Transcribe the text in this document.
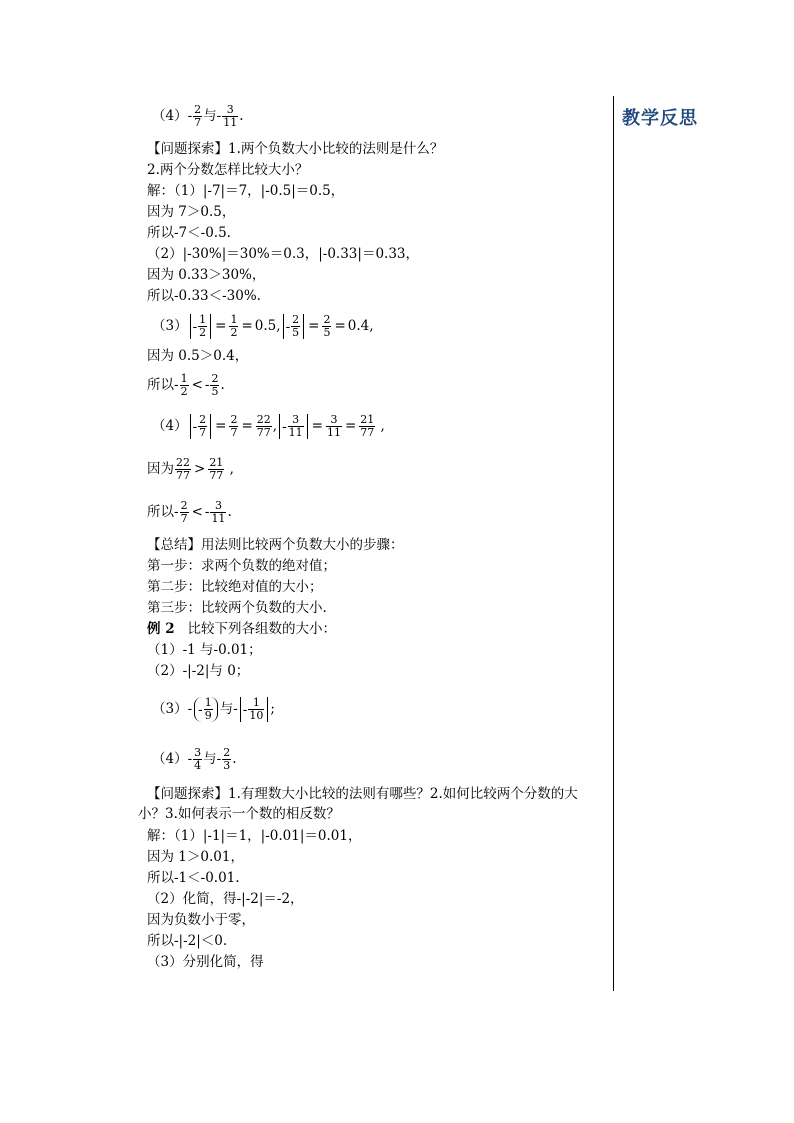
教学反思
$(4)- \frac{2}{7}$ 与- $\frac{3}{11}$ .
【问题探索】1.两个负数大小比较的法则是什么？
2.两个分数怎样比较大小？
解：（1）|-7|＝7，|-0.5|＝0.5，
因为 7＞0.5，
所以-7＜-0.5.
（2）|-30%|＝30%＝0.3，|-0.33|＝0.33，
因为 0.33＞30%，
所以-0.33＜-30%.
$(3) - \frac{1}{2} = \frac{1}{2} = 0.5$, - $\frac{2}{5} = \frac{2}{5} = 0.4$,
因为 0.5＞0.4，
所以- $\frac{1}{2}$ < - $\frac{2}{5}$ .
$(4) - \frac{2}{7} = \frac{2}{7} = \frac{22}{77}$ , - $\frac{3}{11} = \frac{3}{11} = \frac{21}{77}$ ,
因为 $\frac{22}{77} > \frac{21}{77}$ ,
所以- $\frac{2}{7}$ < - $\frac{3}{11}$ .
【总结】用法则比较两个负数大小的步骤：
第一步：求两个负数的绝对值；
第二步：比较绝对值的大小；
第三步：比较两个负数的大小.
例 2 比较下列各组数的大小：
（1）-1 与-0.01；
（2）-|-2|与 0；
$(3)- - \frac{1}{9}$ 与- - $\frac{1}{10}$ ;
$(4)- \frac{3}{4}$ 与- $\frac{2}{3}$ .
【问题探索】1.有理数大小比较的法则有哪些？2.如何比较两个分数的大小？3.如何表示一个数的相反数？
解：（1）|-1|＝1，|-0.01|＝0.01，
因为 1＞0.01，
所以-1＜-0.01.
（2）化简，得-|-2|＝-2，
因为负数小于零，
所以-|-2|＜0.
（3）分别化简，得
